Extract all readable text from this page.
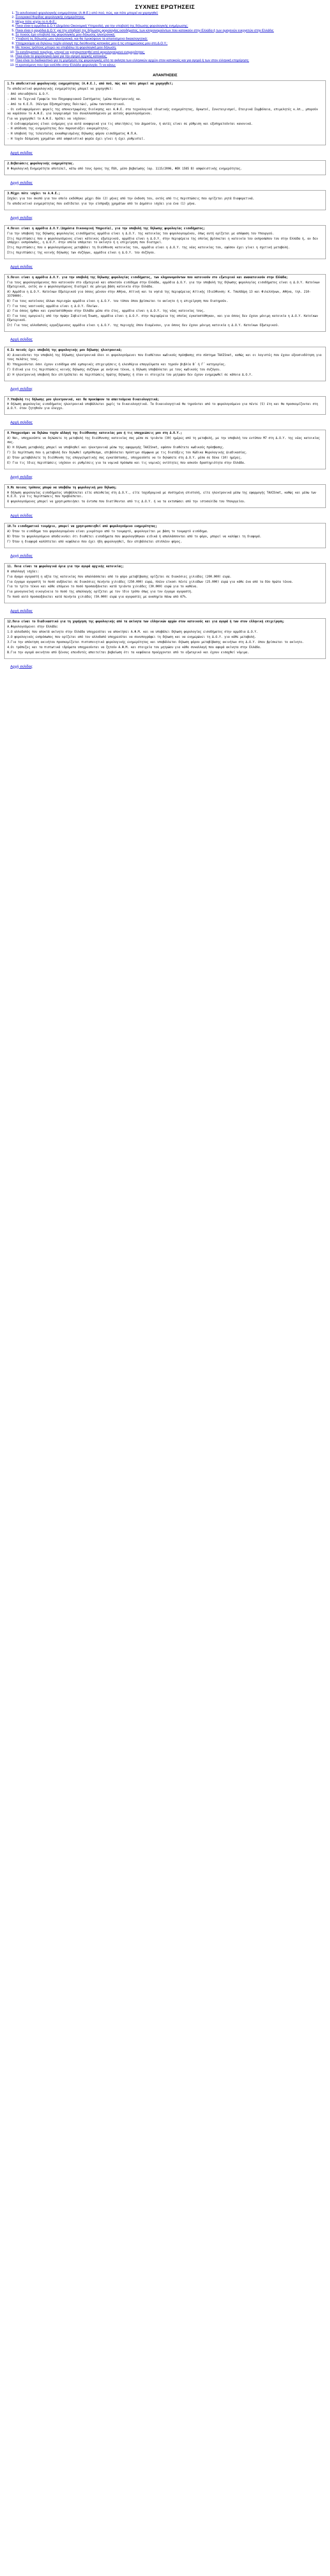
ΣΥΧΝΕΣ ΕΡΩΤΗΣΕΙΣ
1. Το ασυδοσιακό φορολογικής ενημερότητας (Α.Φ.Ε.) από πού, πώς, και πότε μπορεί να χορηγηθεί;
2. Συνοριακοί θυρίδας φορολογικής ενημερότητας.
3. Μέχρι πότε ισχύει το Α.Φ.Ε.;
4. Ποιοι είναι η αρμόδια Δ.Ο.Υ.(Δημόσια Οικονομική Υπηρεσία), για την υποβολή της δήλωσης φορολογικής ενημέρωσης;
5. Ποιοι είναι η αρμόδια Δ.Ο.Υ. για την υποβολή της δήλωσης φορολογίας εισοδήματος, των κληρονομούντων που κατοικούν στην Ελλάδα ή των ομογενών ευεργετών στην Ελλάδα;
6. Σε ποιούς έχει υποβολή της φορολογικής μου δήλωσης ηλεκτρονικά;
7. Υποβολή τις δήλωσης μου ηλεκτρονικά, και θα προκύψουν τα απαιτούμενα δικαιολογητικά;
8. Υποχρεούμαι να δηλώνω τυχόν αλλαγή της διεύθυνσης κατοικίας μου ή τις υποχρεώσεις μου στη Δ.Ο.Υ.;
9. Με ποιους τρόπους μπορώ να υποβάλω τη φορολογική μου δήλωση;
10. Το εισοδηματικό τεκμήριο, μπορεί να χρησιμοποιηθεί από φορολογούμενο ενημερότητας;
11. Ποια είναι τα φορολογικά όρια για την αγορά αρχικής κατοικίας;
12. Ποιο είναι το διαδικαστικό για τη χορήγηση της φορολογικής από τα ακίνητα των ελληνικών αρχών στον κατοικούς και για αγορά ή των στον ελληνική επιχείρηση;
13. Η κρατούμενη που έχει εισέλθει στην Ελλάδα φορολογία. Τι να κάνω;
ΑΠΑΝΤΗΣΕΙΣ
1.Το αποδεικτικό φορολογικής ενημερότητας (Α.Φ.Ε.), από πού, πώς και πότε μπορεί να χορηγηθεί;

Το αποδεικτικό φορολογικής ενημερότητας μπορεί να χορηγηθεί:

- Από οποιαδήποτε Δ.Ο.Υ.

- Από τα Τεχνικά Γραφεία του Πληροφοριακού Συστήματος (μέσω Ηλεκτρονικής κα.

- Από τα Κ.Ε.Π. (Κέντρα Εξυπηρέτησης Πολιτών), μέσω ταυτοποιητικού.

- Οι ενδιαφερόμενοι φορείς της αποκεντρωμένης διοίκησης και Α.Φ.Ε. στα τεχνολογικά ιδιωτικής ενημερότητας, Ορκωτοί, Συνεταιρισμοί, Εταιρικά Συμβόλαια, επιμελητές κ.λπ., μπορούν να καρέσουν το Α.Φ.Ε. για λογαριασμό του συναλλασσόμενου με αυτούς φορολογούμενου.

Για να χορηγηθεί το Α.Φ.Ε. πρέπει να ισχύουν:

- Ο ενδιαφερόμενος είναι ενήμερος για αυτά αναφορικά για τις απαιτήσεις του Δημοσίου, ή αυτές είναι σε ρύθμιση και εξυπηρετούνται κανονικά.

- Η απόδοση της ενημερότητας δεν παρουσιάζει εκκρεμότητες.

- Η υποβολή της τελευταίας εκκαθαρισμένης δήλωσης φόρου εισοδήματος Φ.Π.Α.

- Η τυχόν δέσμευση χρημάτων από ασφαλιστικό φορέα έχει γίνει ή έχει ρυθμιστεί.

Αρχή σελίδας
2.Βεβαιώσεις φορολογικής ενημερότητας.

Η Φορολογική Ενημερότητα αποτελεί, κάτω από τους όρους της ΠΟΛ, μέσο βεβαίωσης (αρ. 1115/2006, ΦΕΚ 1585 Β) ασφαλιστικής ενημερότητας.

Αρχή σελίδας
3.Μέχρι πότε ισχύει το Α.Φ.Ε.;

Ισχύει για τον σκοπό για τον οποίο εκδόθηκε μέχρι δύο (2) μήνες από την έκδοση του, εκτός από τις περιπτώσεις που ορίζεται ρητά διαφορετικά.

Το αποδεικτικό ενημερότητας που εκδίδεται για την είσπραξη χρημάτων από το Δημόσιο ισχύει για ένα (1) μήνα.

Αρχή σελίδας
4.Ποιοι είναι η αρμόδια Δ.Ο.Υ.(Δημόσια Οικονομική Υπηρεσία), για την υποβολή της δήλωσης φορολογίας εισοδήματος;

Για την υποβολή της δήλωσης φορολογίας εισοδήματος αρμόδια είναι η Δ.Ο.Υ. της κατοικίας του φορολογουμένου, όπως αυτή ορίζεται με απόφαση του Υπουργού.

Στις περιπτώσεις που ο φορολογούμενος είναι κάτοικος εξωτερικού, αρμόδια είναι η Δ.Ο.Υ. στην περιφέρεια της οποίας βρίσκεται η κατοικία του εκπροσώπου του στην Ελλάδα ή, αν δεν υπάρχει εκπρόσωπος, η Δ.Ο.Υ. στην οποία υπάγεται το ακίνητο ή η επιχείρηση που διατηρεί.

Στις περιπτώσεις που ο φορολογούμενος μεταβάλει τη διεύθυνση κατοικίας του, αρμόδια είναι η Δ.Ο.Υ. της νέας κατοικίας του, εφόσον έχει γίνει η σχετική μεταβολή.

Στις περιπτώσεις της κοινής δήλωσης των συζύγων, αρμόδια είναι η Δ.Ο.Υ. του συζύγου.

Αρχή σελίδας
5.Ποιοι είναι η αρμόδια Δ.Ο.Υ. για την υποβολή της δήλωσης φορολογίας εισοδήματος, των κληρονομούντων που κατοικούν στο εξωτερικό και ανακατοικούν στην Ελλάδα;

Για τους φορολογούμενους που κατοικούν στο εξωτερικό και αποκτούν εισόδημα στην Ελλάδα, αρμόδια Δ.Ο.Υ. για την υποβολή της δήλωσης φορολογίας εισοδήματος είναι η Δ.Ο.Υ. Κατοίκων Εξωτερικού, εκτός αν ο φορολογούμενος διατηρεί σε μόνιμη βάση κατοικία στην Ελλάδα.

Α) Αρμόδια η Δ.Ο.Υ. Κατοίκων Εξωτερικού για όσους μένουν στην Αθήνα, Αττική και τα νησιά της περιφέρειας Αττικής (διεύθυνση: Κ. Τσαλδάρη 13 και Φιλελλήνων, Αθήνα, τηλ. 210-3379000).

Β) Για τους κατοίκους άλλων περιοχών αρμόδια είναι η Δ.Ο.Υ. του τόπου όπου βρίσκεται το ακίνητο ή η επιχείρηση που διατηρούν.

Γ) Για τους ναυτικούς αρμόδια είναι η Δ.Ο.Υ. Πλοίων.

Δ) Για όσους ήρθαν και εγκαταστάθηκαν στην Ελλάδα μέσα στο έτος, αρμόδια είναι η Δ.Ο.Υ. της νέας κατοικίας τους.

Ε) Για τους ομογενείς από την πρώην Σοβιετική Ένωση, αρμόδια είναι η Δ.Ο.Υ. στην περιφέρεια της οποίας εγκαταστάθηκαν, και για όσους δεν έχουν μόνιμη κατοικία η Δ.Ο.Υ. Κατοίκων Εξωτερικού.

Στ) Για τους αλλοδαπούς εργαζόμενους αρμόδια είναι η Δ.Ο.Υ. της περιοχής όπου διαμένουν, για όσους δεν έχουν μόνιμη κατοικία η Δ.Ο.Υ. Κατοίκων Εξωτερικού.

Αρχή σελίδας
6.Σε ποιούς έχει υποβολή της φορολογικής μου δήλωσης ηλεκτρονικά;

Α) Δικαιούνται την υποβολή της δήλωσης ηλεκτρονικά όλοι οι φορολογούμενοι που διαθέτουν κωδικούς πρόσβασης στο σύστημα TAXISnet, καθώς και οι λογιστές που έχουν εξουσιοδότηση για τους πελάτες τους.

Β) Υποχρεούνται όσοι έχουν εισόδημα από εμπορικές επιχειρήσεις ή ελευθέρια επαγγέλματα και τηρούν βιβλία Β΄ ή Γ΄ κατηγορίας.

Γ) Ειδικά για τις περιπτώσεις κοινής δήλωσης συζύγων με ανήλικα τέκνα, η δήλωση υποβάλλεται με τους κωδικούς του συζύγου.

Δ) Η ηλεκτρονική υποβολή δεν επιτρέπεται σε περιπτώσεις πρώτης δήλωσης ή όταν οι στοιχεία του μητρώου δεν έχουν ενημερωθεί σε κάποια Δ.Ο.Υ.

Αρχή σελίδας
7.Υποβολή τις δήλωσης μου ηλεκτρονικά, και θα προκύψουν τα απαιτούμενα δικαιολογητικά;

Η δήλωση φορολογίας εισοδήματος ηλεκτρονικά υποβάλλεται χωρίς τα δικαιολογητικά. Τα δικαιολογητικά θα τηρούνται από το φορολογούμενο για πέντε (5) έτη και θα προσκομίζονται στη Δ.Ο.Υ. όταν ζητηθούν για έλεγχο.

Αρχή σελίδας
8.Υποχρεούμαι να δηλώνω τυχόν αλλαγή της διεύθυνσης κατοικίας μου ή τις υποχρεώσεις μου στη Δ.Ο.Υ.;

Α) Ναι, υποχρεούστε να δηλώσετε τη μεταβολή της διεύθυνσης κατοικίας σας μέσα σε τριάντα (30) ημέρες από τη μεταβολή, με την υποβολή του εντύπου Μ7 στη Δ.Ο.Υ. της νέας κατοικίας σας.

Β) Η δήλωση μεταβολής μπορεί να υποβληθεί και ηλεκτρονικά μέσω της εφαρμογής TAXISnet, εφόσον διαθέτετε κωδικούς πρόσβασης.

Γ) Σε περίπτωση που η μεταβολή δεν δηλωθεί εμπρόθεσμα, επιβάλλεται πρόστιμο σύμφωνα με τις διατάξεις του Κώδικα Φορολογικής Διαδικασίας.

Δ) Όταν μεταβάλλετε τη διεύθυνση της επαγγελματικής σας εγκατάστασης, υποχρεούστε να το δηλώσετε στη Δ.Ο.Υ. μέσα σε δέκα (10) ημέρες.

Ε) Για τις ίδιες περιπτώσεις ισχύουν οι ρυθμίσεις για τα νομικά πρόσωπα και τις νομικές οντότητες που ασκούν δραστηριότητα στην Ελλάδα.

Αρχή σελίδας
9.Με ποιους τρόπους μπορώ να υποβάλω τη φορολογική μου δήλωση;

Η δήλωση φορολογίας εισοδήματος υποβάλλεται είτε απευθείας στη Δ.Ο.Υ., είτε ταχυδρομικά με συστημένη επιστολή, είτε ηλεκτρονικά μέσω της εφαρμογής TAXISnet, καθώς και μέσω των Κ.Ε.Π. για τις περιπτώσεις που προβλέπεται.

Ο φορολογούμενος μπορεί να χρησιμοποιήσει τα έντυπα που διατίθενται από τις Δ.Ο.Υ. ή να τα εκτυπώσει από την ιστοσελίδα του Υπουργείου.

Αρχή σελίδας
10.Το εισοδηματικό τεκμήριο, μπορεί να χρησιμοποιηθεί από φορολογούμενο ενημερότητας;

Α) Όταν το εισόδημα του φορολογουμένου είναι μικρότερο από το τεκμαρτό, φορολογείται με βάση το τεκμαρτό εισόδημα.

Β) Όταν το φορολογούμενο αποδεικνύει ότι διαθέτει εισοδήματα που φορολογήθηκαν ειδικά ή απαλλάσσονται από το φόρο, μπορεί να καλύψει τη διαφορά.

Γ) Όταν η διαφορά καλύπτεται από κεφάλαιο που έχει ήδη φορολογηθεί, δεν επιβάλλεται επιπλέον φόρος.

Αρχή σελίδας
11. Ποια είναι τα φορολογικά όρια για την αγορά αρχικής κατοικίας;

Η απαλλαγή ισχύει:

Για άγαμο αγοραστή η αξία της κατοικίας που απαλλάσσεται από το φόρο μεταβίβασης ορίζεται σε διακόσιες χιλιάδες (200.000) ευρώ.

Για έγγαμο αγοραστή το ποσό αυξάνεται σε διακόσιες πενήντα χιλιάδες (250.000) ευρώ, πλέον είκοσι πέντε χιλιάδων (25.000) ευρώ για κάθε ένα από τα δύο πρώτα τέκνα.

Για το τρίτο τέκνο και κάθε επόμενο το ποσό προσαυξάνεται κατά τριάντα χιλιάδες (30.000) ευρώ για το καθένα.

Για μονογονεϊκή οικογένεια το ποσό της απαλλαγής ορίζεται με τον ίδιο τρόπο όπως για τον έγγαμο αγοραστή.

Το ποσό αυτό προσαυξάνεται κατά πενήντα χιλιάδες (50.000) ευρώ για αγοραστές με αναπηρία πάνω από 67%.

Αρχή σελίδας
12.Ποιο είναι το διαδικαστικό για τη χορήγηση της φορολογικής από τα ακίνητα των ελληνικών αρχών στον κατοικούς και για αγορά ή των στον ελληνική επιχείρηση;

Α.Φορολογούμενοι στην Ελλάδα:

1.Ο αλλοδαπός που αποκτά ακίνητο στην Ελλάδα υποχρεούται να αποκτήσει Α.Φ.Μ. και να υποβάλει δήλωση φορολογίας εισοδήματος στην αρμόδια Δ.Ο.Υ.

2.Ο φορολογικός εκπρόσωπος που ορίζεται από τον αλλοδαπό υποχρεούται να συνυπογράφει τη δήλωση και να ενημερώνει τη Δ.Ο.Υ. για κάθε μεταβολή.

3.Για την απόκτηση ακινήτου προσκομίζεται πιστοποιητικό φορολογικής ενημερότητας και υποβάλλεται δήλωση φόρου μεταβίβασης ακινήτων στη Δ.Ο.Υ. όπου βρίσκεται το ακίνητο.

4.Οι τράπεζες και τα πιστωτικά ιδρύματα υποχρεούνται να ζητούν Α.Φ.Μ. και στοιχεία του μητρώου για κάθε συναλλαγή που αφορά ακίνητα στην Ελλάδα.

Β.Για την αγορά ακινήτου από ξένους επενδυτές απαιτείται βεβαίωση ότι τα κεφάλαια προέρχονται από το εξωτερικό και έχουν εισαχθεί νόμιμα.

Αρχή σελίδας
